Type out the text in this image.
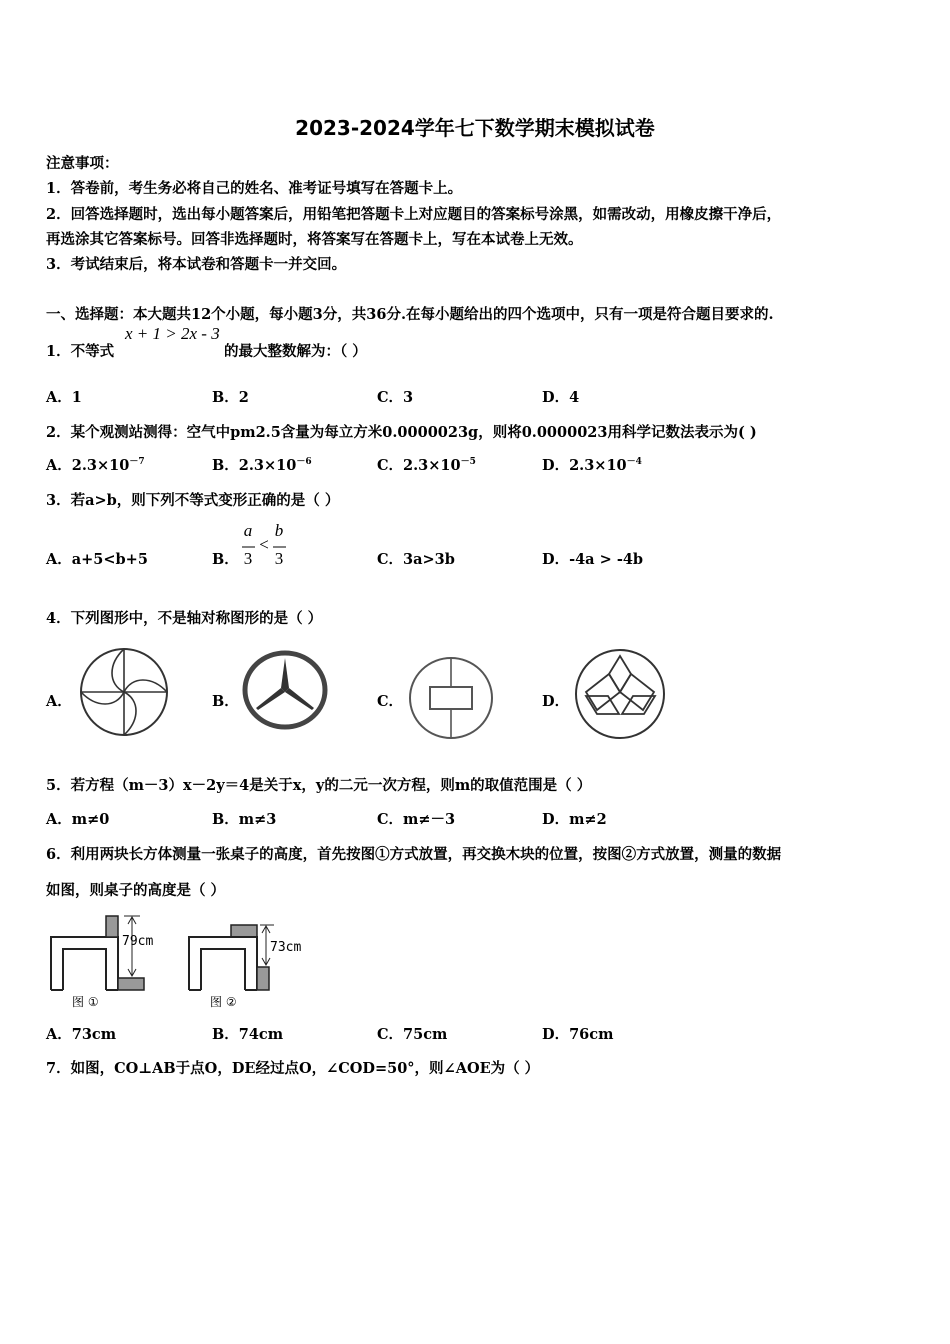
2023-2024学年七下数学期末模拟试卷
注意事项：
1．答卷前，考生务必将自己的姓名、准考证号填写在答题卡上。
2．回答选择题时，选出每小题答案后，用铅笔把答题卡上对应题目的答案标号涂黑，如需改动，用橡皮擦干净后，
再选涂其它答案标号。回答非选择题时，将答案写在答题卡上，写在本试卷上无效。
3．考试结束后，将本试卷和答题卡一并交回。
一、选择题：本大题共12个小题，每小题3分，共36分.在每小题给出的四个选项中，只有一项是符合题目要求的.
1．不等式
x + 1 > 2x - 3
的最大整数解为：（ ）
A．1	B．2	C．3	D．4
2．某个观测站测得：空气中pm2.5含量为每立方米0.0000023g，则将0.0000023用科学记数法表示为( )
A．$2.3\times 10^{-7}$	B．$2.3\times 10^{-6}$	C．$2.3\times 10^{-5}$	D．$2.3\times 10^{-4}$
3．若a>b，则下列不等式变形正确的是（ ）
A．a+5<b+5	B．
a
3
<
b
3	C．3a>3b	D．-4a > -4b
4．下列图形中，不是轴对称图形的是（ ）
A．	B．	C．	D．
5．若方程（m－3）x－2y＝4是关于x，y的二元一次方程，则m的取值范围是（ ）
A．m≠0	B．m≠3	C．m≠－3	D．m≠2
6．利用两块长方体测量一张桌子的高度，首先按图①方式放置，再交换木块的位置，按图②方式放置，测量的数据
如图，则桌子的高度是（ ）
79cm
图 ①
73cm
图 ②
A．73cm	B．74cm	C．75cm	D．76cm
7．如图，CO⊥AB于点O，DE经过点O，∠COD=50°，则∠AOE为（ ）
